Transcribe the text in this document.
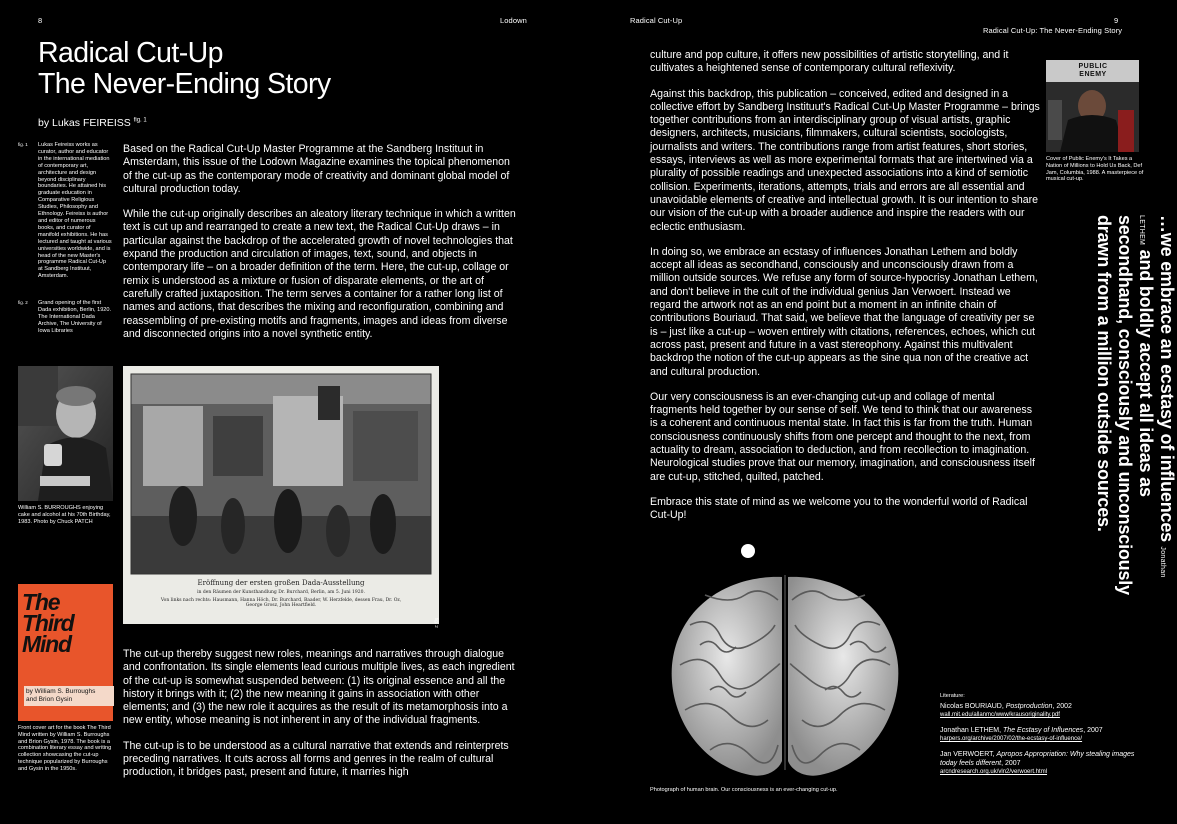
8	Lodown	Radical Cut-Up	9
Radical Cut-Up: The Never-Ending Story
Radical Cut-Up
The Never-Ending Story
by Lukas FEIREISS $^{fig. 1}$
fig. 1 Lukas Feireiss works as curator, author and educator in the international mediation of contemporary art, architecture and design beyond disciplinary boundaries. He attained his graduate education in Comparative Religious Studies, Philosophy and Ethnology. Feireiss is author and editor of numerous books, and curator of manifold exhibitions. He has lectured and taught at various universities worldwide, and is head of the new Master's programme Radical Cut-Up at Sandberg Instituut, Amsterdam.
fig. 2 Grand opening of the first Dada exhibition, Berlin, 1920. The International Dada Archive, The University of Iowa Libraries

Based on the Radical Cut-Up Master Programme at the Sandberg Instituut in Amsterdam, this issue of the Lodown Magazine examines the topical phenomenon of the cut-up as the contemporary mode of creativity and dominant global model of cultural production today.

While the cut-up originally describes an aleatory literary technique in which a written text is cut up and rearranged to create a new text, the Radical Cut-Up draws – in particular against the backdrop of the accelerated growth of novel technologies that expand the production and circulation of images, text, sound, and objects in contemporary life – on a broader definition of the term. Here, the cut-up, collage or remix is understood as a mixture or fusion of disparate elements, or the art of carefully crafted juxtaposition. The term serves a container for a rather long list of names and actions, that describes the mixing and reconfiguration, combining and reassembling of pre-existing motifs and fragments, images and ideas from diverse and disconnected origins into a novel synthetic entity.

William S. BURROUGHS enjoying cake and alcohol at his 70th Birthday, 1983. Photo by Chuck PATCH
Eröffnung der ersten großen Dada-Ausstellung
in den Räumen der Kunsthandlung Dr. Burchard, Berlin, am 5. Juni 1920.
Von links nach rechts: Hausmann, Hanna Höch, Dr. Burchard, Baader, W. Herzfelde, dessen Frau, Dr. Oz,
George Grosz, John Heartfield.
fig. 2
The
Third
Mind
by William S. Burroughs
and Brion Gysin
Front cover art for the book The Third Mind written by William S. Burroughs and Brion Gysin, 1978. The book is a combination literary essay and writing collection showcasing the cut-up technique popularized by Burroughs and Gysin in the 1950s.

The cut-up thereby suggest new roles, meanings and narratives through dialogue and confrontation. Its single elements lead curious multiple lives, as each ingredient of the cut-up is somewhat suspended between: (1) its original essence and all the history it brings with it; (2) the new meaning it gains in association with other elements; and (3) the new role it acquires as the result of its metamorphosis into a new entity, whose meaning is not inherent in any of the individual fragments.

The cut-up is to be understood as a cultural narrative that extends and reinterprets preceding narratives. It cuts across all forms and genres in the realm of cultural production, it bridges past, present and future, it marries high

culture and pop culture, it offers new possibilities of artistic storytelling, and it cultivates a heightened sense of contemporary cultural reflexivity.

Against this backdrop, this publication – conceived, edited and designed in a collective effort by Sandberg Instituut's Radical Cut-Up Master Programme – brings together contributions from an interdisciplinary group of visual artists, graphic designers, architects, musicians, filmmakers, cultural scientists, sociologists, journalists and writers. The contributions range from artist features, short stories, essays, interviews as well as more experimental formats that are intertwined via a plurality of possible readings and unexpected associations into a kind of semiotic collision. Experiments, iterations, attempts, trials and errors are all essential and unavoidable elements of creative and intellectual growth. It is our intention to share our vision of the cut-up with a broader audience and inspire the readers with our eclectic enthusiasm.

In doing so, we embrace an ecstasy of influences Jonathan Lethem and boldly accept all ideas as secondhand, consciously and unconsciously drawn from a million outside sources. We refuse any form of source-hypocrisy Jonathan Lethem, and don't believe in the cult of the individual genius Jan Verwoert. Instead we regard the artwork not as an end point but a moment in an infinite chain of contributions Bouriaud. That said, we believe that the language of creativity per se is – just like a cut-up – woven entirely with citations, references, echoes, which cut across past, present and future in a vast stereophony. Against this multivalent backdrop the notion of the cut-up appears as the sine qua non of the creative act and cultural production.

Our very consciousness is an ever-changing cut-up and collage of mental fragments held together by our sense of self. We tend to think that our awareness is a coherent and continuous mental state. In fact this is far from the truth. Human consciousness continuously shifts from one percept and thought to the next, from actuality to dream, association to deduction, and from recollection to imagination. Neurological studies prove that our memory, imagination, and consciousness itself are cut-up, stitched, quilted, patched.

Embrace this state of mind as we welcome you to the wonderful world of Radical Cut-Up!

PUBLIC
ENEMY
Cover of Public Enemy's It Takes a Nation of Millions to Hold Us Back, Def Jam, Columbia, 1988. A masterpiece of musical cut-up.
…we embrace an ecstasy of influences Jonathan LETHEM and boldly accept all ideas as secondhand, consciously and unconsciously drawn from a million outside sources.
Photograph of human brain. Our consciousness is an ever-changing cut-up.
Literature:

Nicolas BOURIAUD, Postproduction, 2002
wall.mit.edu/allanmc/www/krausoriginality.pdf

Jonathan LETHEM, The Ecstasy of Influences, 2007
harpers.org/archive/2007/02/the-ecstasy-of-influence/

Jan VERWOERT, Apropos Appropriation: Why stealing images today feels different, 2007
arcndresearch.org.uk/vln2/verwoert.html
